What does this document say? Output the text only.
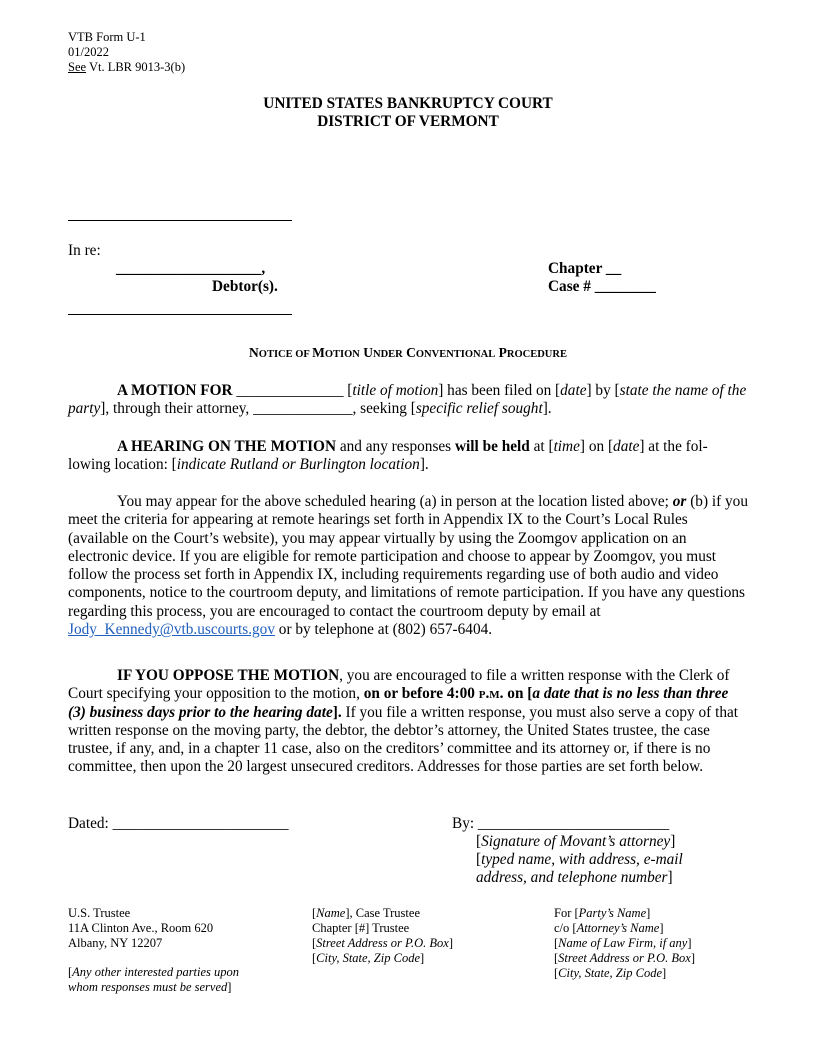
VTB Form U-1
01/2022
See Vt. LBR 9013-3(b)
UNITED STATES BANKRUPTCY COURT
DISTRICT OF VERMONT
In re:
___________________,
Debtor(s).
Chapter __
Case # ________
NOTICE OF MOTION UNDER CONVENTIONAL PROCEDURE

A MOTION FOR ______________ [title of motion] has been filed on [date] by [state the name of the party], through their attorney, _____________, seeking [specific relief sought].

A HEARING ON THE MOTION and any responses will be held at [time] on [date] at the fol-lowing location: [indicate Rutland or Burlington location].

You may appear for the above scheduled hearing (a) in person at the location listed above; or (b) if you meet the criteria for appearing at remote hearings set forth in Appendix IX to the Court’s Local Rules (available on the Court’s website), you may appear virtually by using the Zoomgov application on an electronic device. If you are eligible for remote participation and choose to appear by Zoomgov, you must follow the process set forth in Appendix IX, including requirements regarding use of both audio and video components, notice to the courtroom deputy, and limitations of remote participation. If you have any questions regarding this process, you are encouraged to contact the courtroom deputy by email at Jody_Kennedy@vtb.uscourts.gov or by telephone at (802) 657-6404.

IF YOU OPPOSE THE MOTION, you are encouraged to file a written response with the Clerk of Court specifying your opposition to the motion, on or before 4:00 p.m. on [a date that is no less than three (3) business days prior to the hearing date]. If you file a written response, you must also serve a copy of that written response on the moving party, the debtor, the debtor’s attorney, the United States trustee, the case trustee, if any, and, in a chapter 11 case, also on the creditors’ committee and its attorney or, if there is no committee, then upon the 20 largest unsecured creditors. Addresses for those parties are set forth below.

Dated: _______________________	By: _________________________
[Signature of Movant’s attorney]
[typed name, with address, e-mail address, and telephone number]
U.S. Trustee
11A Clinton Ave., Room 620
Albany, NY 12207
[Any other interested parties upon whom responses must be served]
[Name], Case Trustee
Chapter [#] Trustee
[Street Address or P.O. Box]
[City, State, Zip Code]
For [Party’s Name]
c/o [Attorney’s Name]
[Name of Law Firm, if any]
[Street Address or P.O. Box]
[City, State, Zip Code]
